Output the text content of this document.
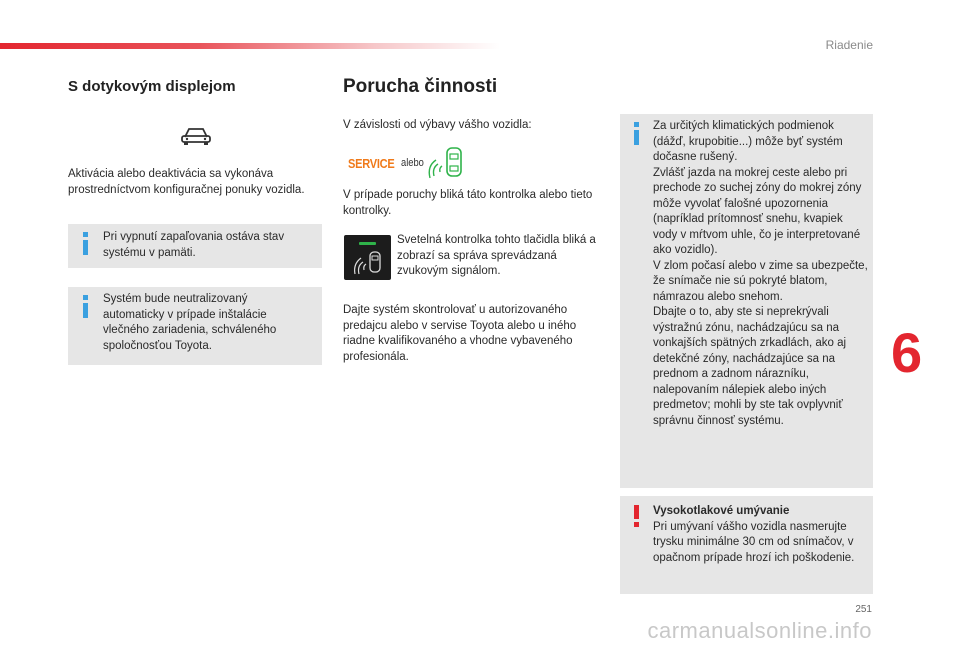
Riadenie
6
S dotykovým displejom
Aktivácia alebo deaktivácia sa vykonáva prostredníctvom konfiguračnej ponuky vozidla.
Pri vypnutí zapaľovania ostáva stav systému v pamäti.
Systém bude neutralizovaný automaticky v prípade inštalácie vlečného zariadenia, schváleného spoločnosťou Toyota.
Porucha činnosti
V závislosti od výbavy vášho vozidla:
SERVICE alebo
V prípade poruchy bliká táto kontrolka alebo tieto kontrolky.
Svetelná kontrolka tohto tlačidla bliká a zobrazí sa správa sprevádzaná zvukovým signálom.
Dajte systém skontrolovať u autorizovaného predajcu alebo v servise Toyota alebo u iného riadne kvalifikovaného a vhodne vybaveného profesionála.
Za určitých klimatických podmienok (dážď, krupobitie...) môže byť systém dočasne rušený.
Zvlášť jazda na mokrej ceste alebo pri prechode zo suchej zóny do mokrej zóny môže vyvolať falošné upozornenia (napríklad prítomnosť snehu, kvapiek vody v mŕtvom uhle, čo je interpretované ako vozidlo).
V zlom počasí alebo v zime sa ubezpečte, že snímače nie sú pokryté blatom, námrazou alebo snehom.
Dbajte o to, aby ste si neprekrývali výstražnú zónu, nachádzajúcu sa na vonkajších spätných zrkadlách, ako aj detekčné zóny, nachádzajúce sa na prednom a zadnom nárazníku, nalepovaním nálepiek alebo iných predmetov; mohli by ste tak ovplyvniť správnu činnosť systému.
Vysokotlakové umývanie
Pri umývaní vášho vozidla nasmerujte trysku minimálne 30 cm od snímačov, v opačnom prípade hrozí ich poškodenie.
251
carmanualsonline.info
